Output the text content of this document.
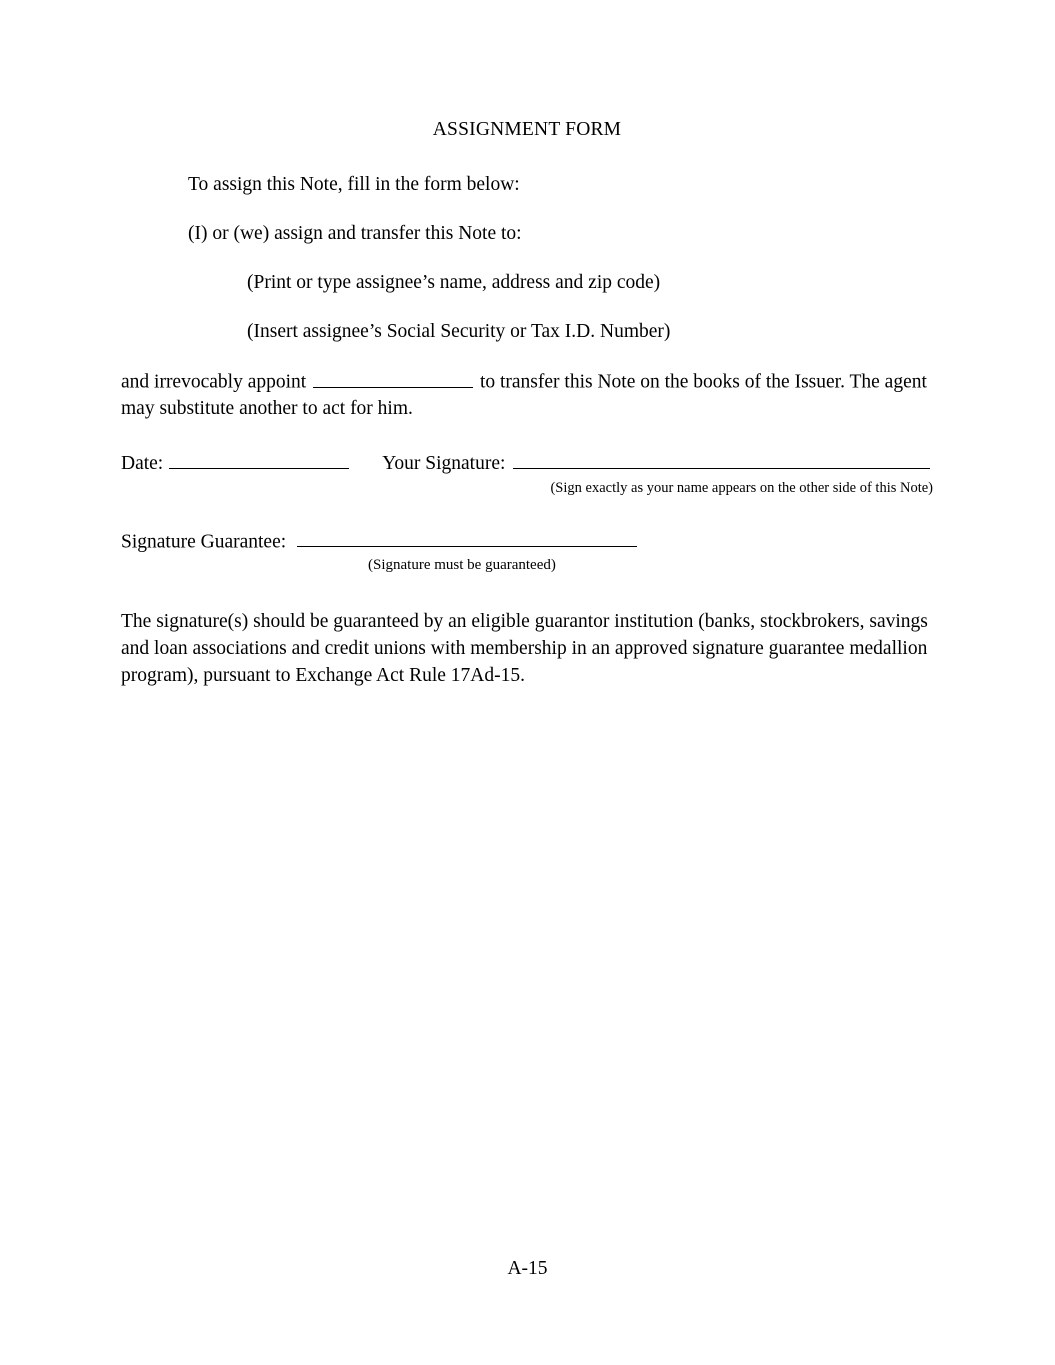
ASSIGNMENT FORM

To assign this Note, fill in the form below:

(I) or (we) assign and transfer this Note to:

(Print or type assignee’s name, address and zip code)

(Insert assignee’s Social Security or Tax I.D. Number)

and irrevocably appoint	to transfer this Note on the books of the Issuer. The agent may substitute another to act for him.

Date:	Your Signature:
(Sign exactly as your name appears on the other side of this Note)
Signature Guarantee:
(Signature must be guaranteed)

The signature(s) should be guaranteed by an eligible guarantor institution (banks, stockbrokers, savings and loan associations and credit unions with membership in an approved signature guarantee medallion program), pursuant to Exchange Act Rule 17Ad-15.

A-15
